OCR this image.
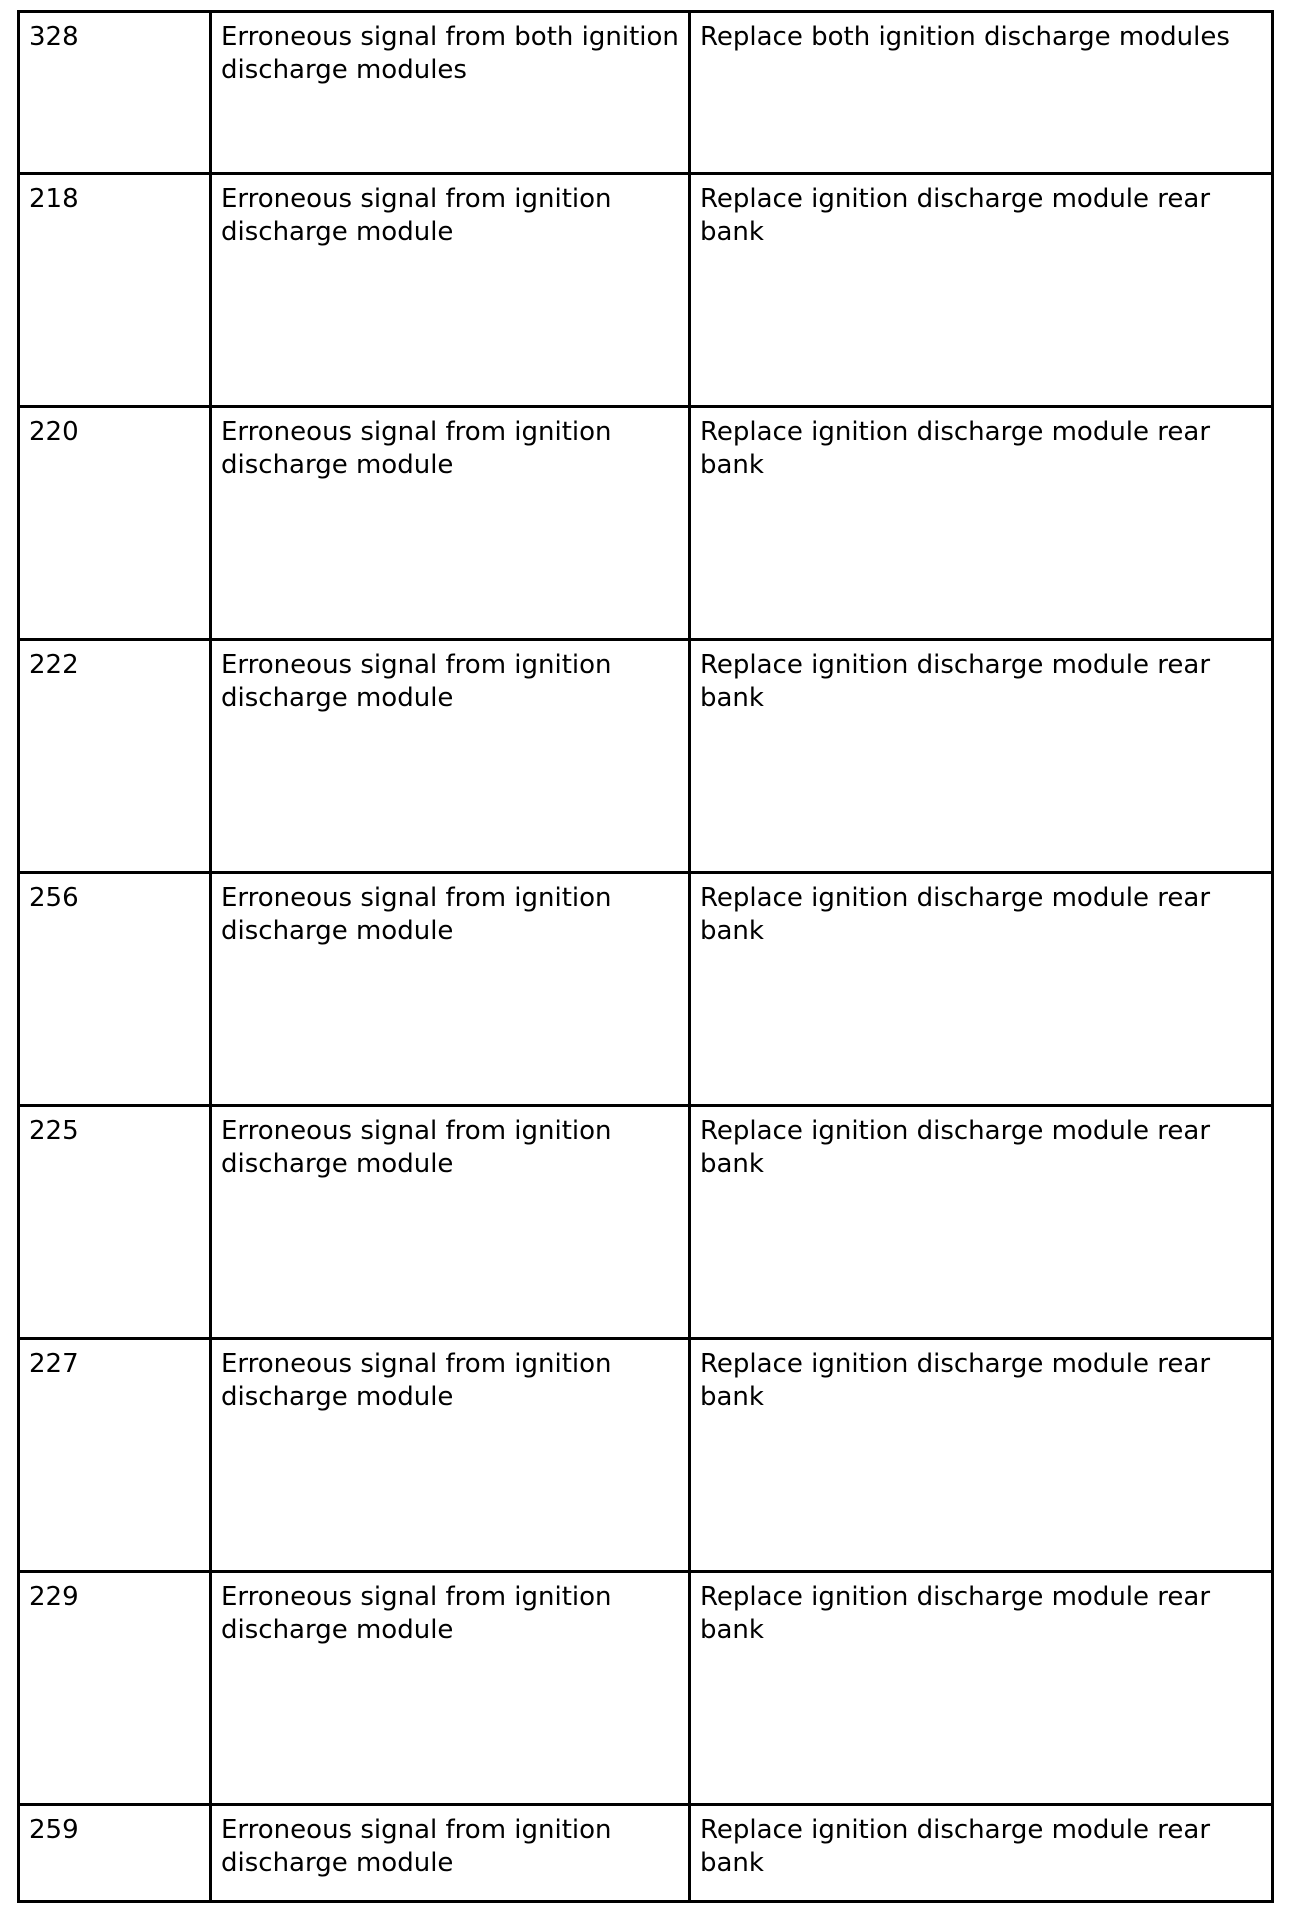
328	Erroneous signal from both ignition discharge modules	Replace both ignition discharge modules
218	Erroneous signal from ignition discharge module	Replace ignition discharge module rear bank
220	Erroneous signal from ignition discharge module	Replace ignition discharge module rear bank
222	Erroneous signal from ignition discharge module	Replace ignition discharge module rear bank
256	Erroneous signal from ignition discharge module	Replace ignition discharge module rear bank
225	Erroneous signal from ignition discharge module	Replace ignition discharge module rear bank
227	Erroneous signal from ignition discharge module	Replace ignition discharge module rear bank
229	Erroneous signal from ignition discharge module	Replace ignition discharge module rear bank
259	Erroneous signal from ignition discharge module	Replace ignition discharge module rear bank
